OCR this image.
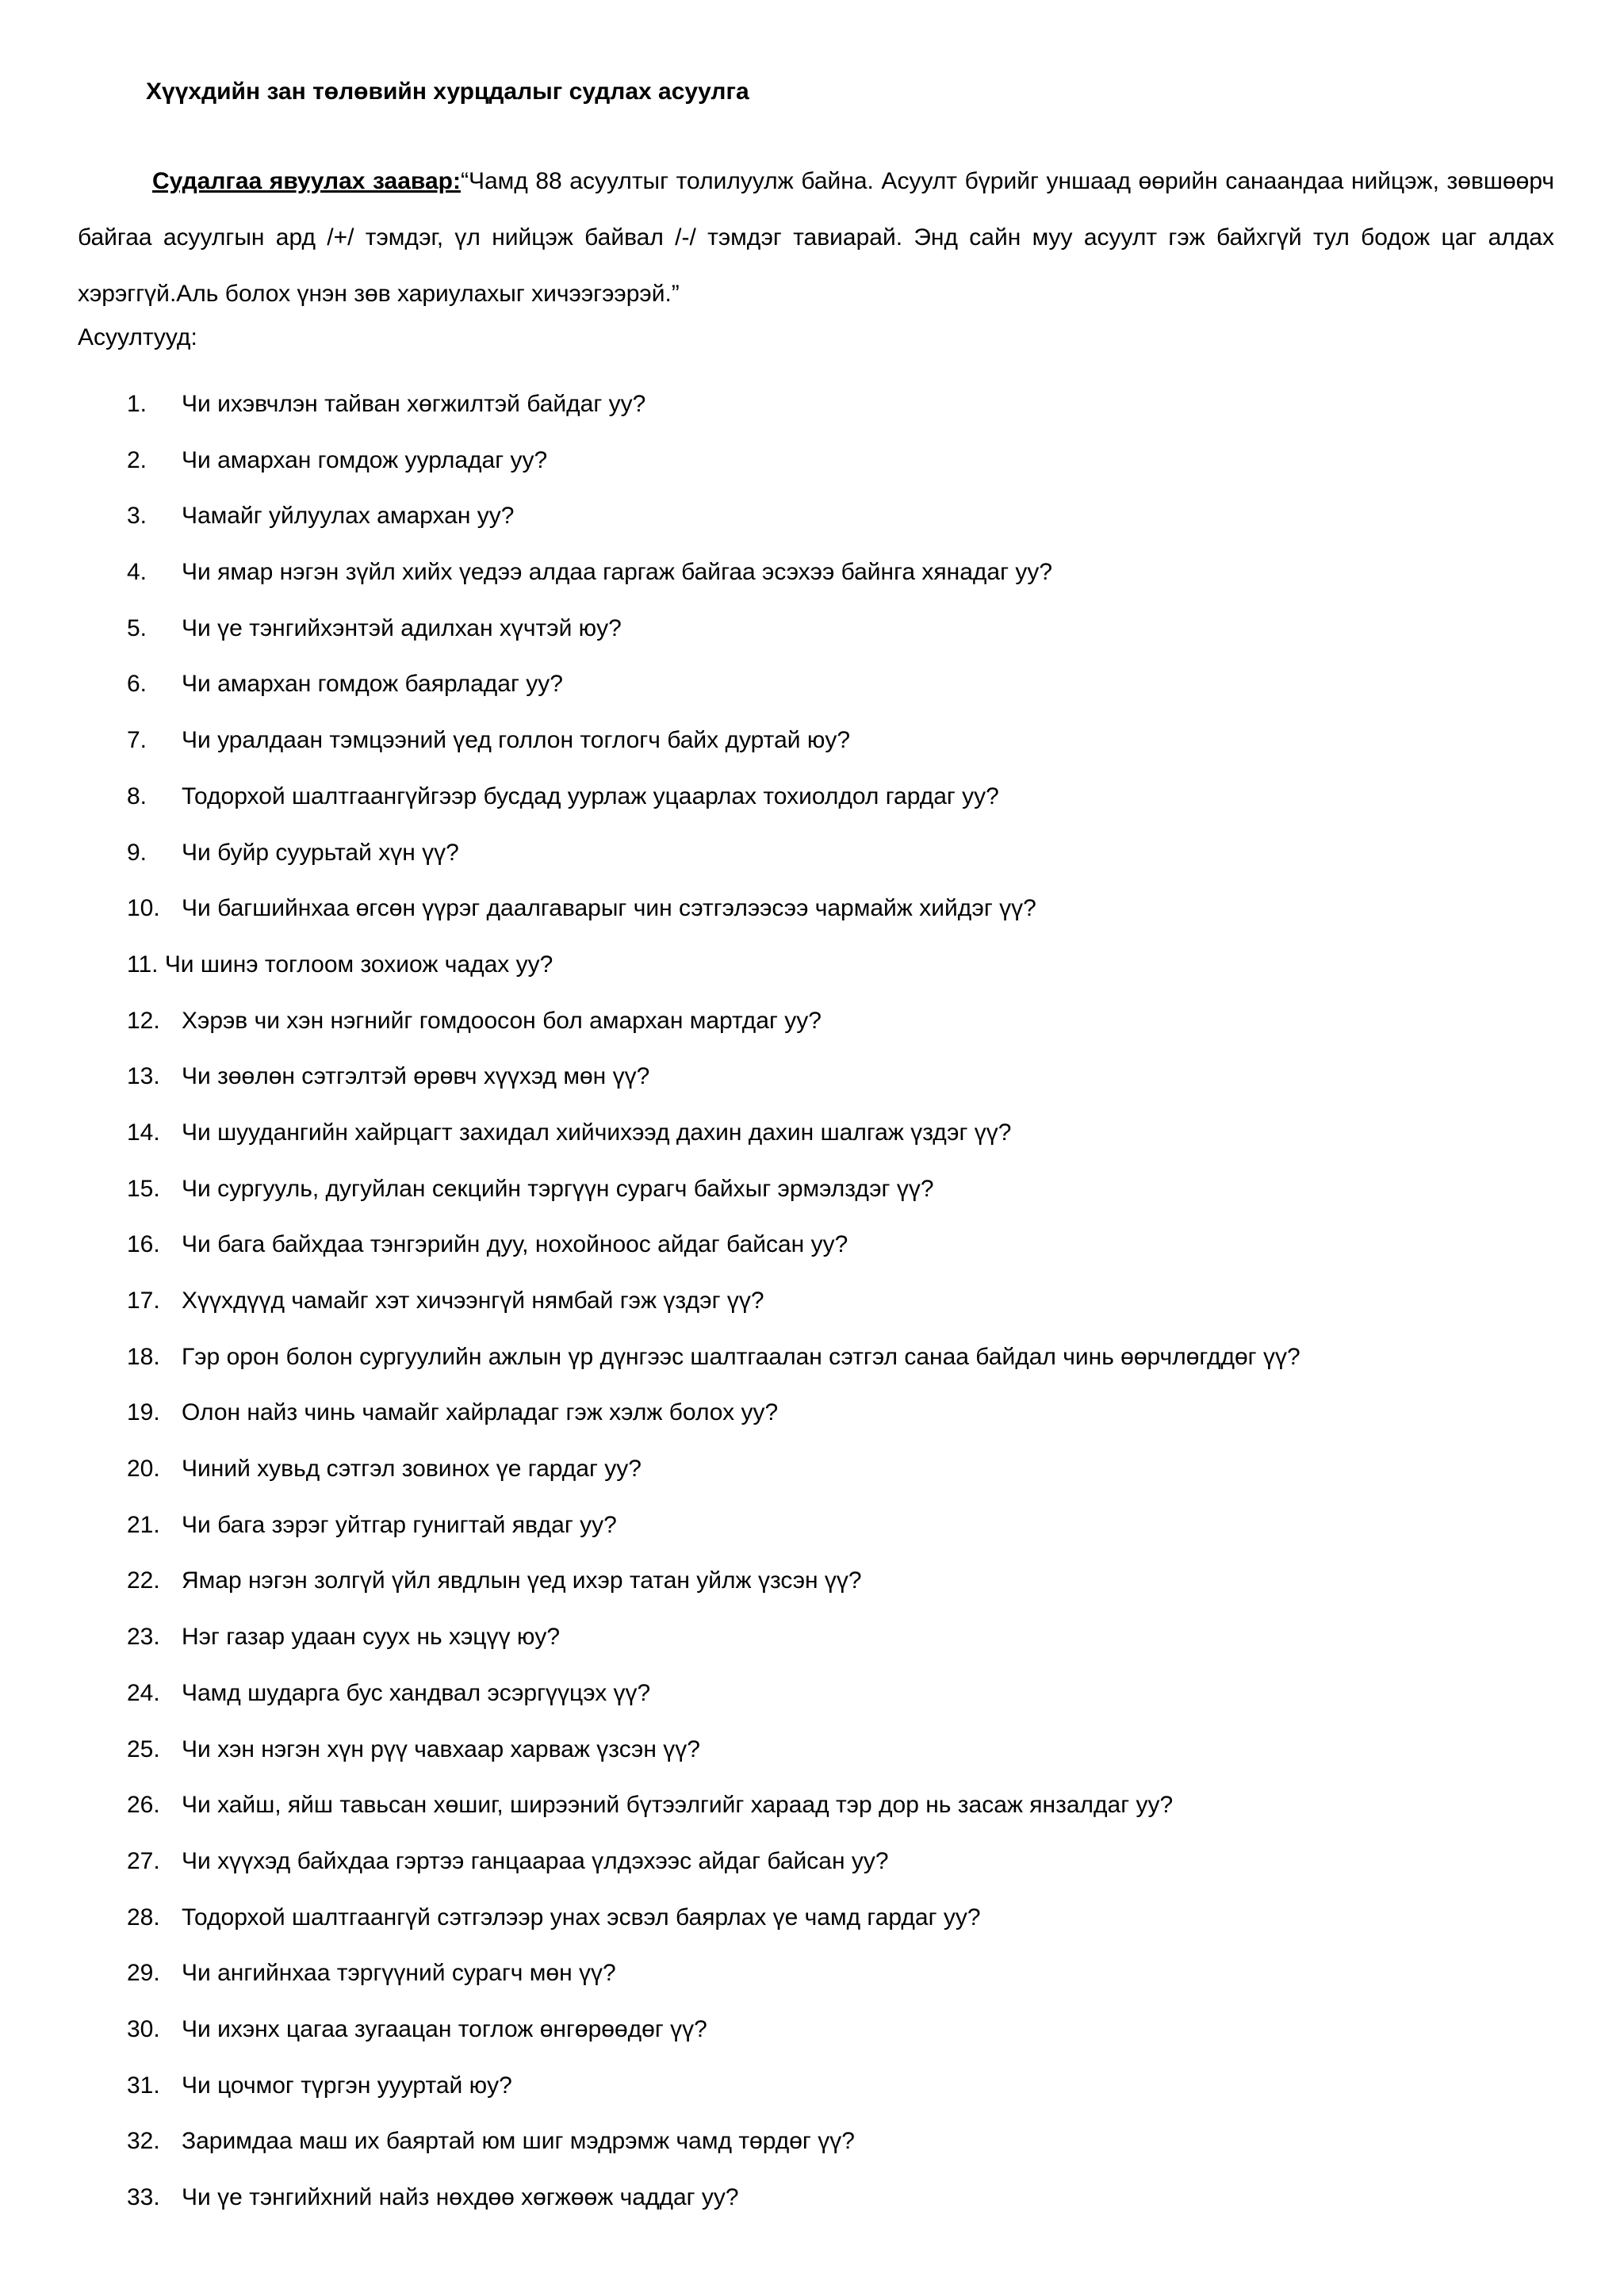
Хүүхдийн зан төлөвийн хурцдалыг судлах асуулга

Судалгаа явуулах заавар:“Чамд 88 асуултыг толилуулж байна. Асуулт бүрийг уншаад өөрийн санаандаа нийцэж, зөвшөөрч байгаа асуулгын ард /+/ тэмдэг, үл нийцэж байвал /-/ тэмдэг тавиарай. Энд сайн муу асуулт гэж байхгүй тул бодож цаг алдах хэрэггүй.Аль болох үнэн зөв хариулахыг хичээгээрэй.”

Асуултууд:

1. Чи ихэвчлэн тайван хөгжилтэй байдаг уу?
2. Чи амархан гомдож уурладаг уу?
3. Чамайг уйлуулах амархан уу?
4. Чи ямар нэгэн зүйл хийх үедээ алдаа гаргаж байгаа эсэхээ байнга хянадаг уу?
5. Чи үе тэнгийхэнтэй адилхан хүчтэй юу?
6. Чи амархан гомдож баярладаг уу?
7. Чи уралдаан тэмцээний үед голлон тоглогч байх дуртай юу?
8. Тодорхой шалтгаангүйгээр бусдад уурлаж уцаарлах тохиолдол гардаг уу?
9. Чи буйр суурьтай хүн үү?
10. Чи багшийнхаа өгсөн үүрэг даалгаварыг чин сэтгэлээсээ чармайж хийдэг үү?
11. Чи шинэ тоглоом зохиож чадах уу?
12. Хэрэв чи хэн нэгнийг гомдоосон бол амархан мартдаг уу?
13. Чи зөөлөн сэтгэлтэй өрөвч хүүхэд мөн үү?
14. Чи шуудангийн хайрцагт захидал хийчихээд дахин дахин шалгаж үздэг үү?
15. Чи сургууль, дугуйлан секцийн тэргүүн сурагч байхыг эрмэлздэг үү?
16. Чи бага байхдаа тэнгэрийн дуу, нохойноос айдаг байсан уу?
17. Хүүхдүүд чамайг хэт хичээнгүй нямбай гэж үздэг үү?
18. Гэр орон болон сургуулийн ажлын үр дүнгээс шалтгаалан сэтгэл санаа байдал чинь өөрчлөгддөг үү?
19. Олон найз чинь чамайг хайрладаг гэж хэлж болох уу?
20. Чиний хувьд сэтгэл зовинох үе гардаг уу?
21. Чи бага зэрэг уйтгар гунигтай явдаг уу?
22. Ямар нэгэн золгүй үйл явдлын үед ихэр татан уйлж үзсэн үү?
23. Нэг газар удаан суух нь хэцүү юу?
24. Чамд шударга бус хандвал эсэргүүцэх үү?
25. Чи хэн нэгэн хүн рүү чавхаар харваж үзсэн үү?
26. Чи хайш, яйш тавьсан хөшиг, ширээний бүтээлгийг хараад тэр дор нь засаж янзалдаг уу?
27. Чи хүүхэд байхдаа гэртээ ганцаараа үлдэхээс айдаг байсан уу?
28. Тодорхой шалтгаангүй сэтгэлээр унах эсвэл баярлах үе чамд гардаг уу?
29. Чи ангийнхаа тэргүүний сурагч мөн үү?
30. Чи ихэнх цагаа зугаацан тоглож өнгөрөөдөг үү?
31. Чи цочмог түргэн уууртай юу?
32. Заримдаа маш их баяртай юм шиг мэдрэмж чамд төрдөг үү?
33. Чи үе тэнгийхний найз нөхдөө хөгжөөж чаддаг уу?
